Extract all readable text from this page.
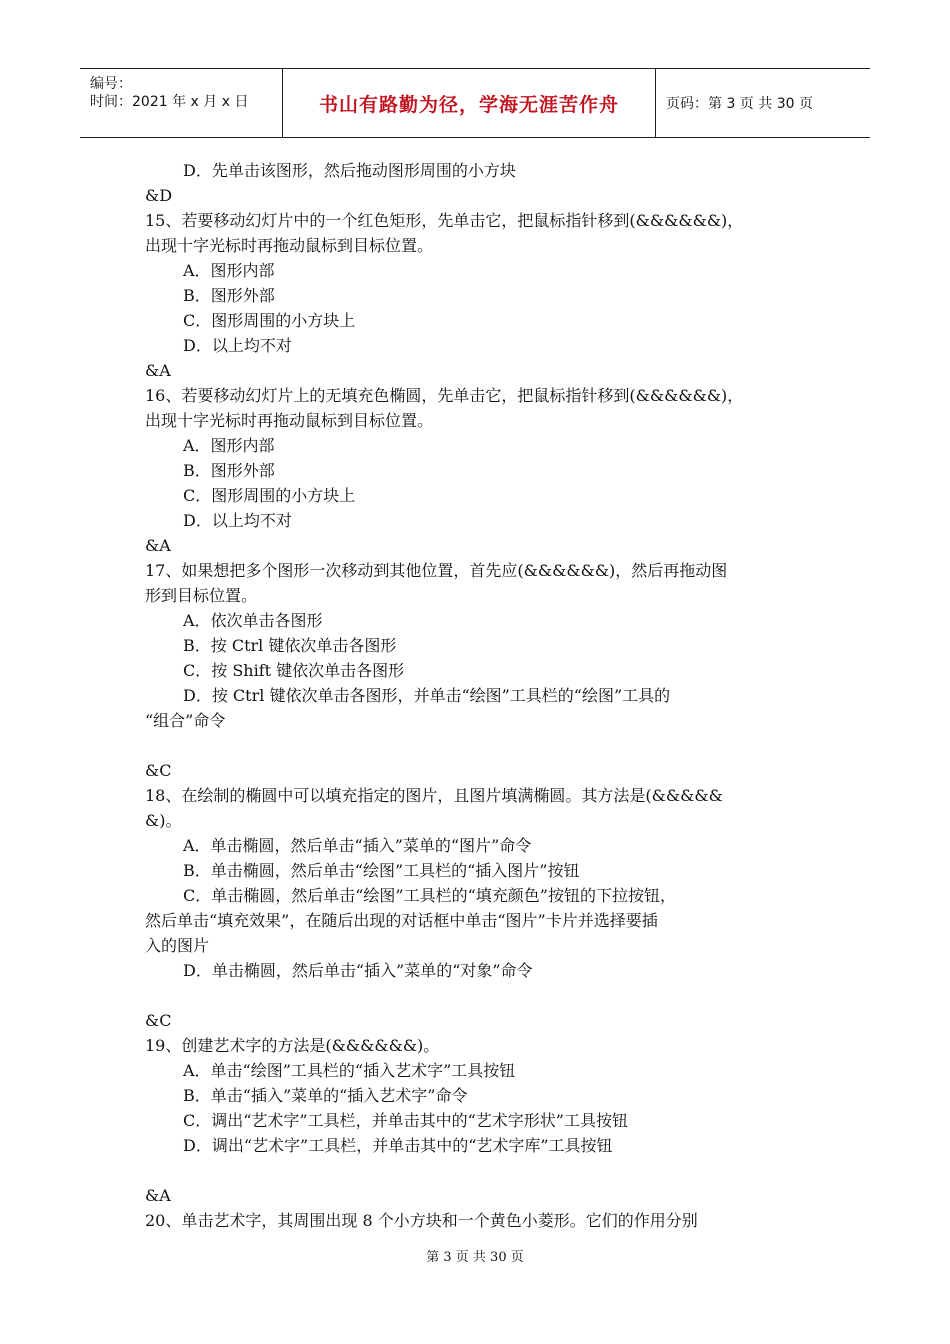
编号：
时间：2021 年 x 月 x 日	书山有路勤为径，学海无涯苦作舟	页码：第 3 页 共 30 页
D．先单击该图形，然后拖动图形周围的小方块
&D
15、若要移动幻灯片中的一个红色矩形，先单击它，把鼠标指针移到(&&&&&&)，
出现十字光标时再拖动鼠标到目标位置。
A．图形内部
B．图形外部
C．图形周围的小方块上
D．以上均不对
&A
16、若要移动幻灯片上的无填充色椭圆，先单击它，把鼠标指针移到(&&&&&&)，
出现十字光标时再拖动鼠标到目标位置。
A．图形内部
B．图形外部
C．图形周围的小方块上
D．以上均不对
&A
17、如果想把多个图形一次移动到其他位置，首先应(&&&&&&)，然后再拖动图
形到目标位置。
A．依次单击各图形
B．按 Ctrl 键依次单击各图形
C．按 Shift 键依次单击各图形
D．按 Ctrl 键依次单击各图形，并单击“绘图”工具栏的“绘图”工具的
“组合”命令
&C
18、在绘制的椭圆中可以填充指定的图片，且图片填满椭圆。其方法是(&&&&&
&)。
A．单击椭圆，然后单击“插入”菜单的“图片”命令
B．单击椭圆，然后单击“绘图”工具栏的“插入图片”按钮
C．单击椭圆，然后单击“绘图”工具栏的“填充颜色”按钮的下拉按钮，
然后单击“填充效果”，在随后出现的对话框中单击“图片”卡片并选择要插
入的图片
D．单击椭圆，然后单击“插入”菜单的“对象”命令
&C
19、创建艺术字的方法是(&&&&&&)。
A．单击“绘图”工具栏的“插入艺术字”工具按钮
B．单击“插入”菜单的“插入艺术字”命令
C．调出“艺术字”工具栏，并单击其中的“艺术字形状”工具按钮
D．调出“艺术字”工具栏，并单击其中的“艺术字库”工具按钮
&A
20、单击艺术字，其周围出现 8 个小方块和一个黄色小菱形。它们的作用分别
第 3 页 共 30 页
